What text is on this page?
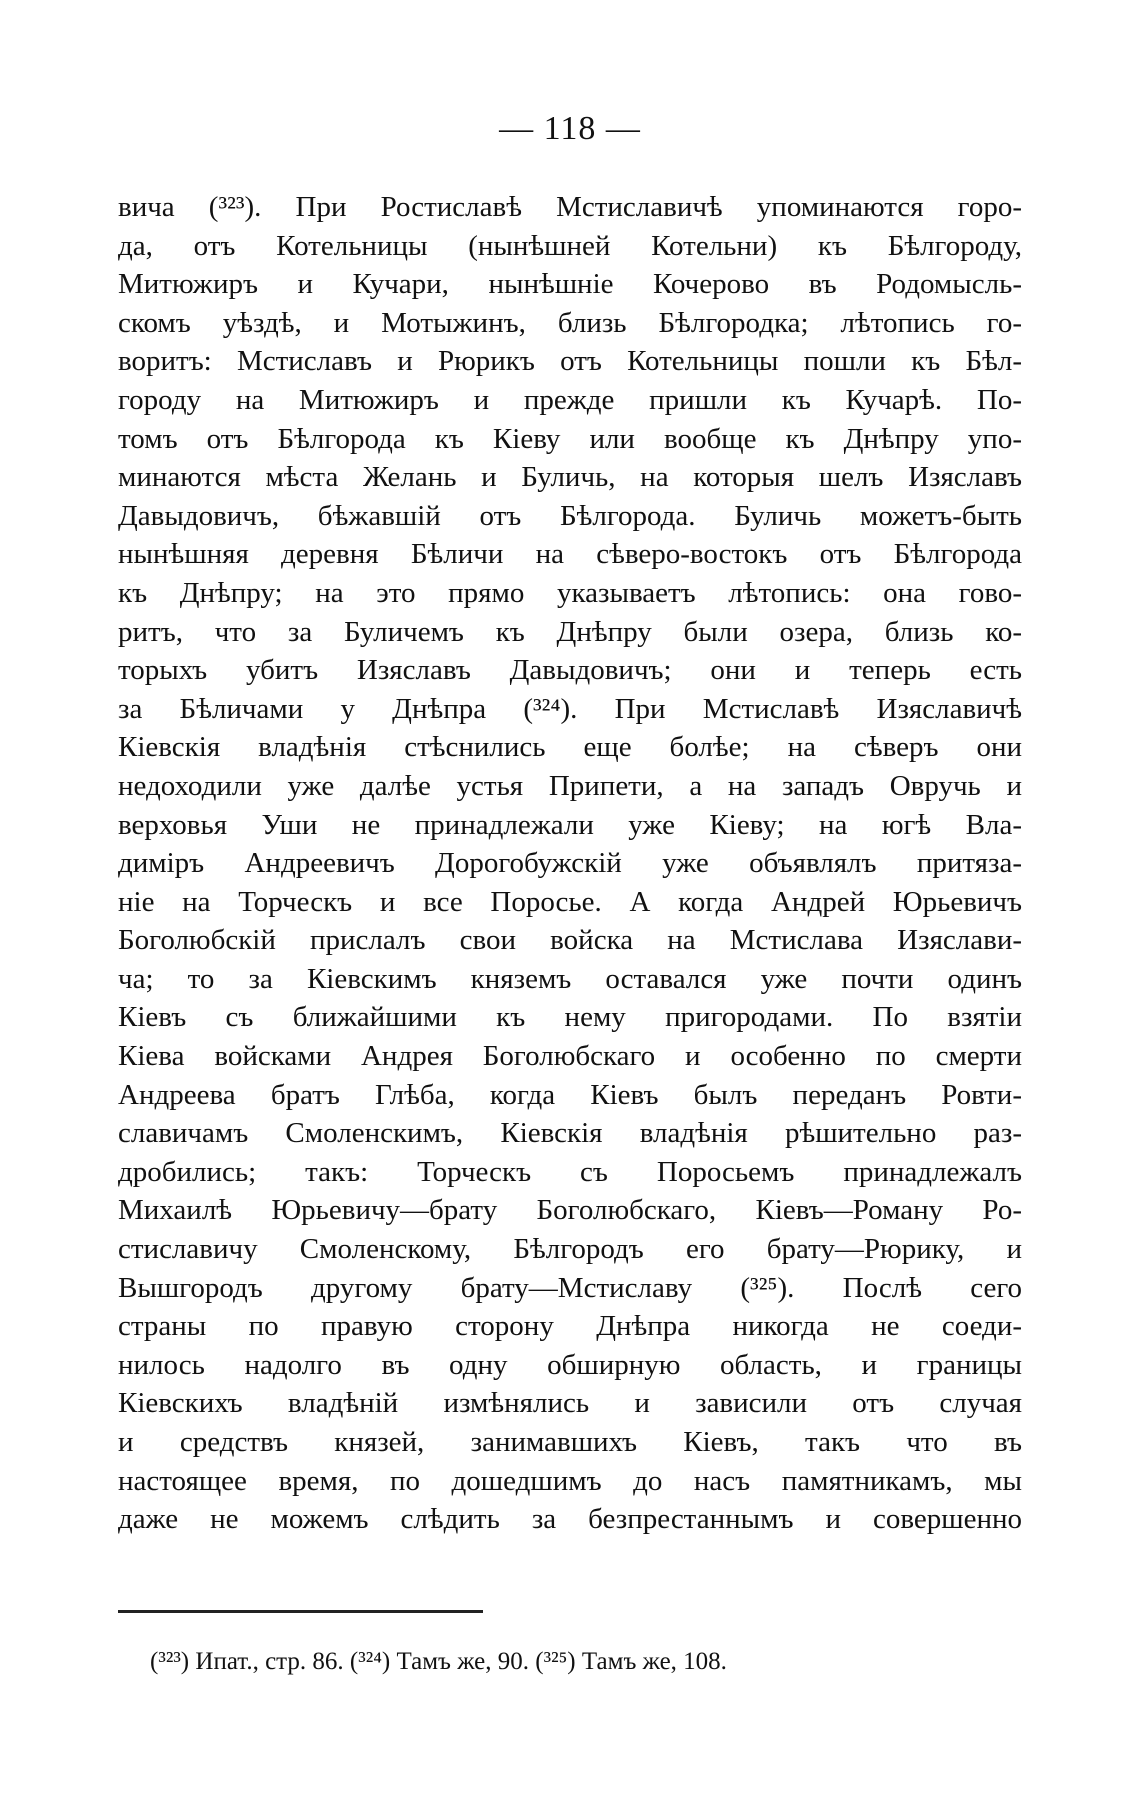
— 118 —
вича (³²³). При Ростиславѣ Мстиславичѣ упоминаются горо-
да, отъ Котельницы (нынѣшней Котельни) къ Бѣлгороду,
Митюжиръ и Кучари, нынѣшніе Кочерово въ Родомысль-
скомъ уѣздѣ, и Мотыжинъ, близь Бѣлгородка; лѣтопись го-
воритъ: Мстиславъ и Рюрикъ отъ Котельницы пошли къ Бѣл-
городу на Митюжиръ и прежде пришли къ Кучарѣ. По-
томъ отъ Бѣлгорода къ Кіеву или вообще къ Днѣпру упо-
минаются мѣста Желань и Буличь, на которыя шелъ Изяславъ
Давыдовичъ, бѣжавшій отъ Бѣлгорода. Буличь можетъ-быть
нынѣшняя деревня Бѣличи на сѣверо-востокъ отъ Бѣлгорода
къ Днѣпру; на это прямо указываетъ лѣтопись: она гово-
ритъ, что за Буличемъ къ Днѣпру были озера, близь ко-
торыхъ убитъ Изяславъ Давыдовичъ; они и теперь есть
за Бѣличами у Днѣпра (³²⁴). При Мстиславѣ Изяславичѣ
Кіевскія владѣнія стѣснились еще болѣе; на сѣверъ они
недоходили уже далѣе устья Припети, а на западъ Овручь и
верховья Уши не принадлежали уже Кіеву; на югѣ Вла-
диміръ Андреевичъ Дорогобужскій уже объявлялъ притяза-
ніе на Торческъ и все Поросье. А когда Андрей Юрьевичъ
Боголюбскій прислалъ свои войска на Мстислава Изяслави-
ча; то за Кіевскимъ княземъ оставался уже почти одинъ
Кіевъ съ ближайшими къ нему пригородами. По взятіи
Кіева войсками Андрея Боголюбскаго и особенно по смерти
Андреева братъ Глѣба, когда Кіевъ былъ переданъ Ровти-
славичамъ Смоленскимъ, Кіевскія владѣнія рѣшительно раз-
дробились; такъ: Торческъ съ Поросьемъ принадлежалъ
Михаилѣ Юрьевичу—брату Боголюбскаго, Кіевъ—Роману Ро-
стиславичу Смоленскому, Бѣлгородъ его брату—Рюрику, и
Вышгородъ другому брату—Мстиславу (³²⁵). Послѣ сего
страны по правую сторону Днѣпра никогда не соеди-
нилось надолго въ одну обширную область, и границы
Кіевскихъ владѣній измѣнялись и зависили отъ случая
и средствъ князей, занимавшихъ Кіевъ, такъ что въ
настоящее время, по дошедшимъ до насъ памятникамъ, мы
даже не можемъ слѣдить за безпрестаннымъ и совершенно
(³²³) Ипат., стр. 86. (³²⁴) Тамъ же, 90. (³²⁵) Тамъ же, 108.
